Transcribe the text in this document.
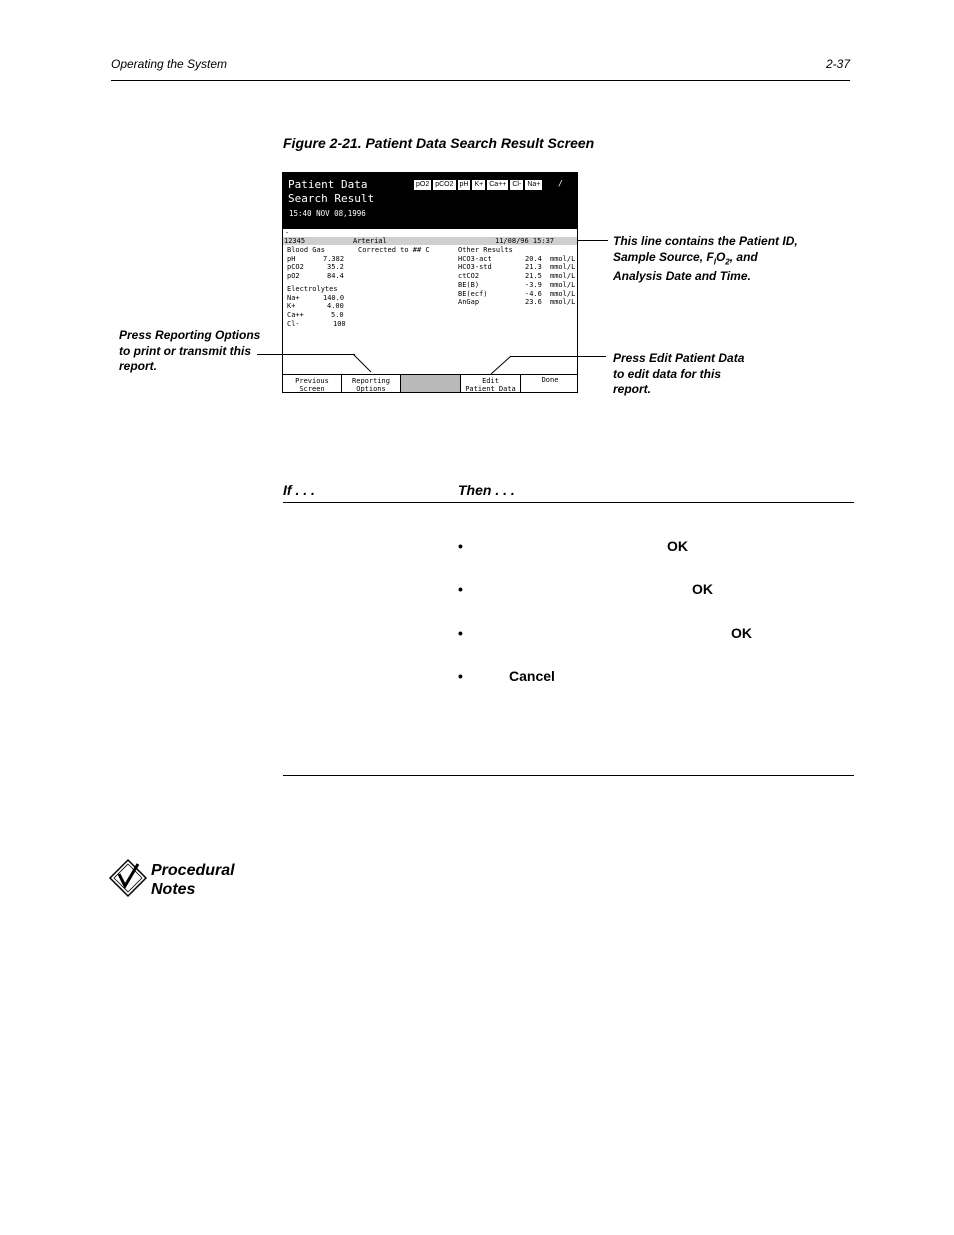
Operating the System	2-37
Figure 2-21. Patient Data Search Result Screen
Patient Data
Search Result
15:40 NOV 08,1996
pO2 pCO2 pH K+ Ca++ Cl- Na+ /
-
12345	Arterial	11/08/96 15:37
Blood Gas
pH	7.382
pCO2	35.2
pO2	84.4
Corrected to ## C
Electrolytes
Na+	140.0
K+	4.00
Ca++	5.0
Cl-	100
Other Results
HCO3-act	20.4 mmol/L
HCO3-std	21.3 mmol/L
ctCO2	21.5 mmol/L
BE(B)	-3.9 mmol/L
BE(ecf)	-4.6 mmol/L
AnGap	23.6 mmol/L
Previous
Screen
Reporting
Options
Edit
Patient Data
Done
This line contains the Patient ID,
Sample Source, $F_IO_2$, and
Analysis Date and Time.
Press Reporting Options
to print or transmit this
report.
Press Edit Patient Data
to edit data for this
report.
If . . .	Then . . .
•	OK
•	OK
•	OK
•	Cancel
Procedural
Notes
